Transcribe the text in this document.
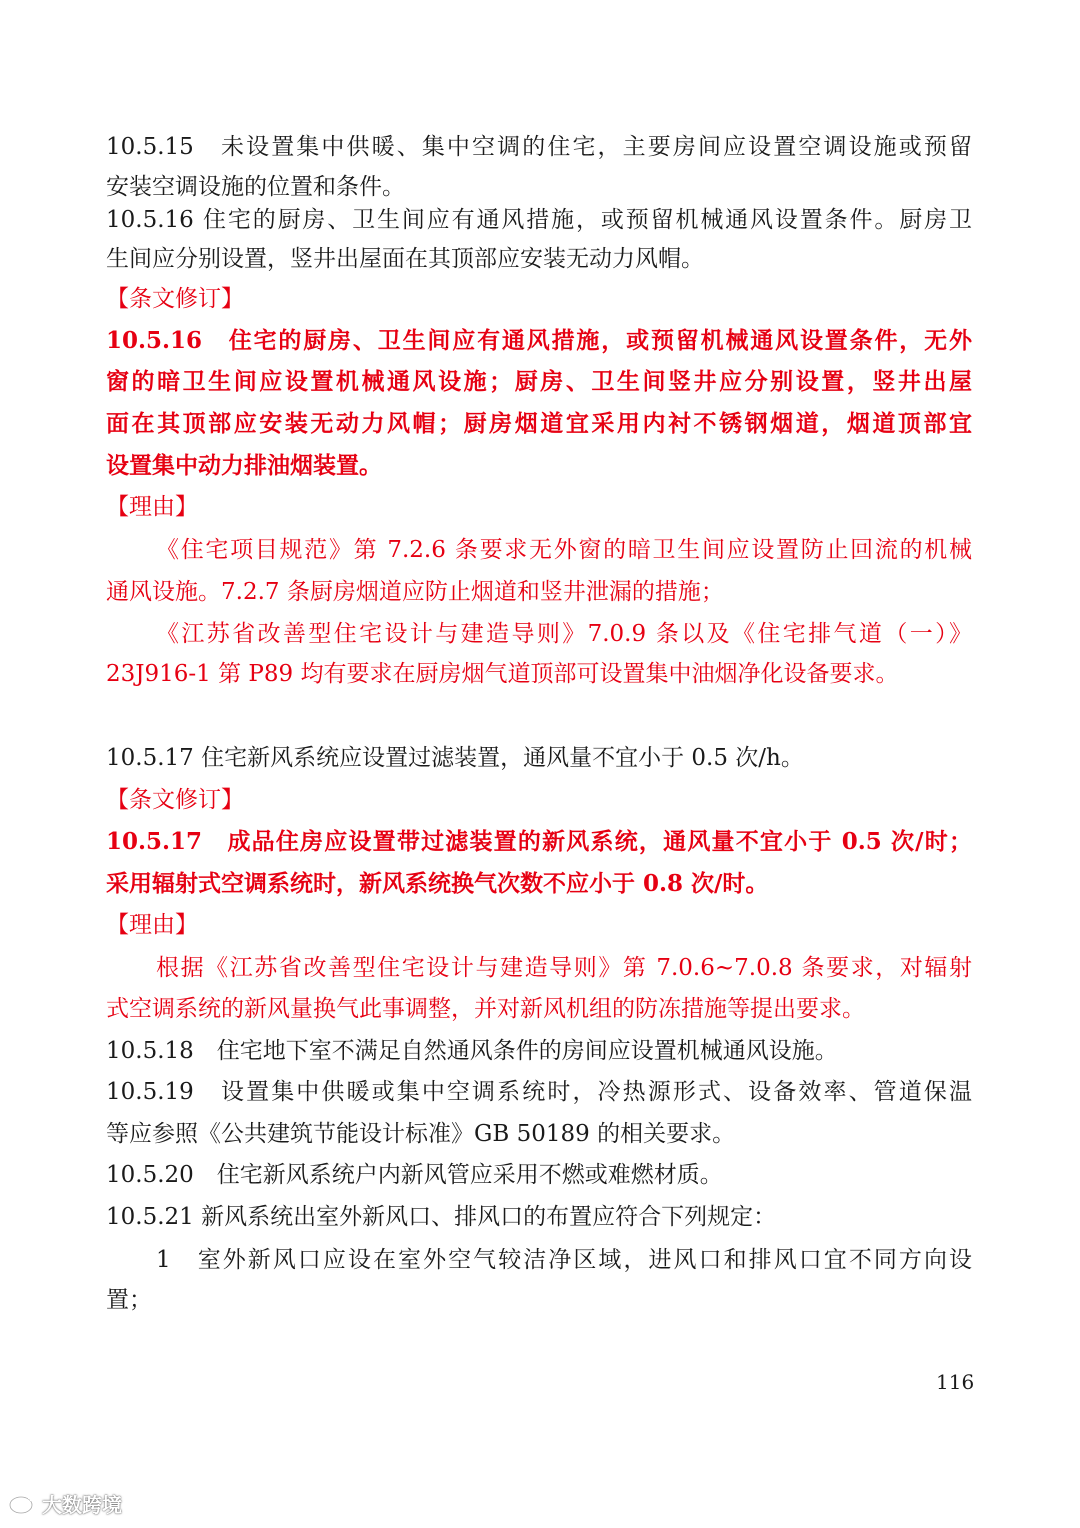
10.5.15　未设置集中供暖、集中空调的住宅，主要房间应设置空调设施或预留

安装空调设施的位置和条件。

10.5.16 住宅的厨房、卫生间应有通风措施，或预留机械通风设置条件。厨房卫

生间应分别设置，竖井出屋面在其顶部应安装无动力风帽。

【条文修订】

10.5.16　住宅的厨房、卫生间应有通风措施，或预留机械通风设置条件，无外

窗的暗卫生间应设置机械通风设施；厨房、卫生间竖井应分别设置，竖井出屋

面在其顶部应安装无动力风帽；厨房烟道宜采用内衬不锈钢烟道，烟道顶部宜

设置集中动力排油烟装置。

【理由】

《住宅项目规范》第 7.2.6 条要求无外窗的暗卫生间应设置防止回流的机械

通风设施。7.2.7 条厨房烟道应防止烟道和竖井泄漏的措施；

《江苏省改善型住宅设计与建造导则》7.0.9 条以及《住宅排气道（一）》

23J916-1 第 P89 均有要求在厨房烟气道顶部可设置集中油烟净化设备要求。

10.5.17 住宅新风系统应设置过滤装置，通风量不宜小于 0.5 次/h。

【条文修订】

10.5.17　成品住房应设置带过滤装置的新风系统，通风量不宜小于 0.5 次/时；

采用辐射式空调系统时，新风系统换气次数不应小于 0.8 次/时。

【理由】

根据《江苏省改善型住宅设计与建造导则》第 7.0.6~7.0.8 条要求，对辐射

式空调系统的新风量换气此事调整，并对新风机组的防冻措施等提出要求。

10.5.18　住宅地下室不满足自然通风条件的房间应设置机械通风设施。

10.5.19　设置集中供暖或集中空调系统时，冷热源形式、设备效率、管道保温

等应参照《公共建筑节能设计标准》GB 50189 的相关要求。

10.5.20　住宅新风系统户内新风管应采用不燃或难燃材质。

10.5.21 新风系统出室外新风口、排风口的布置应符合下列规定：

1　室外新风口应设在室外空气较洁净区域，进风口和排风口宜不同方向设

置；

116
大数跨境
